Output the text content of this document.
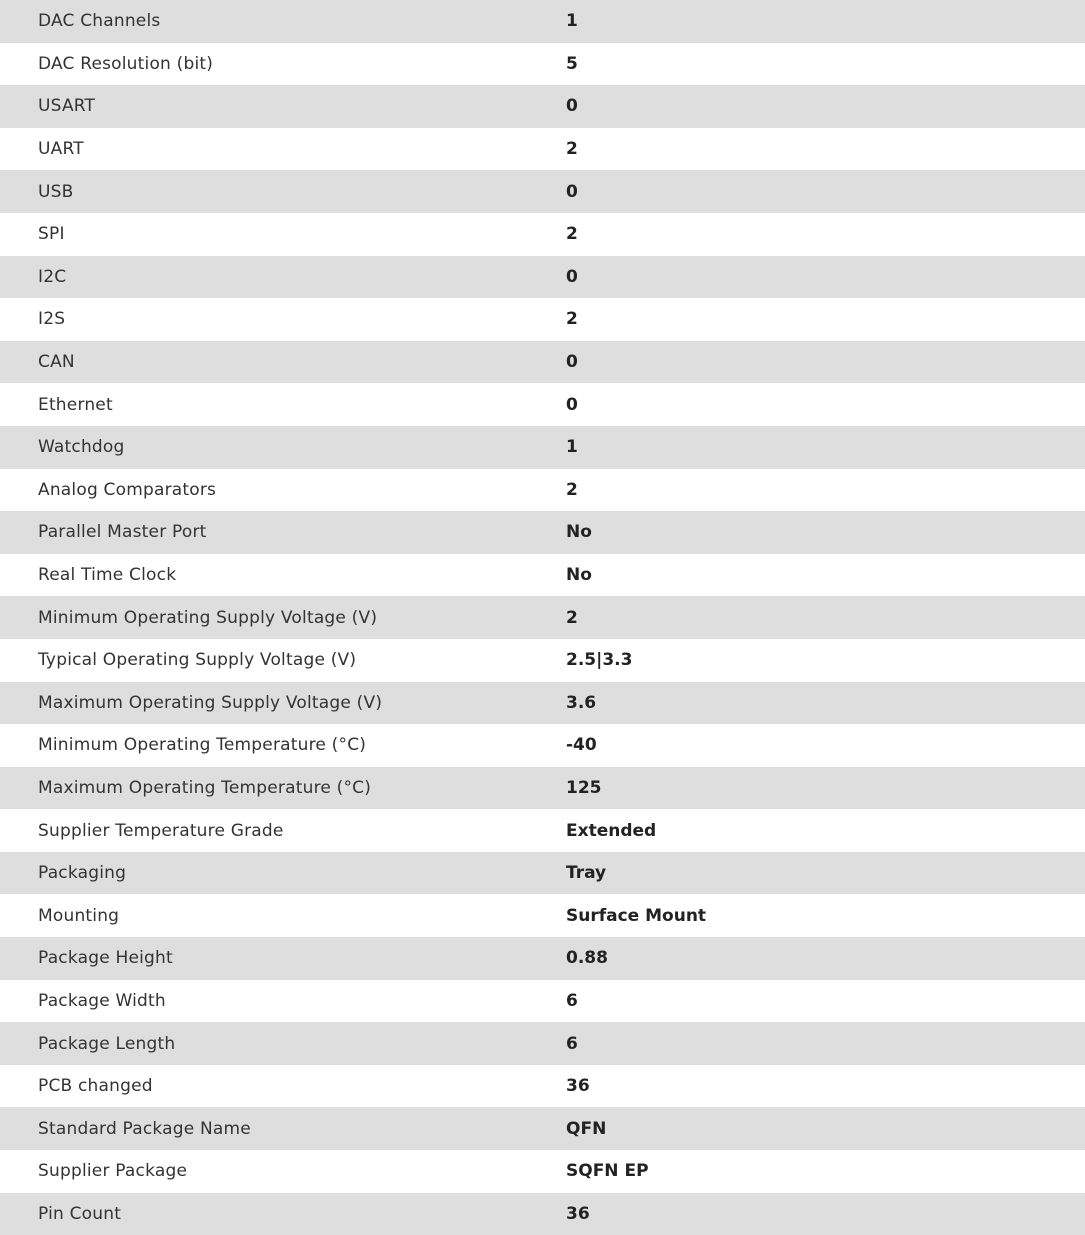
DAC Channels	1
DAC Resolution (bit)	5
USART	0
UART	2
USB	0
SPI	2
I2C	0
I2S	2
CAN	0
Ethernet	0
Watchdog	1
Analog Comparators	2
Parallel Master Port	No
Real Time Clock	No
Minimum Operating Supply Voltage (V)	2
Typical Operating Supply Voltage (V)	2.5|3.3
Maximum Operating Supply Voltage (V)	3.6
Minimum Operating Temperature (°C)	-40
Maximum Operating Temperature (°C)	125
Supplier Temperature Grade	Extended
Packaging	Tray
Mounting	Surface Mount
Package Height	0.88
Package Width	6
Package Length	6
PCB changed	36
Standard Package Name	QFN
Supplier Package	SQFN EP
Pin Count	36
